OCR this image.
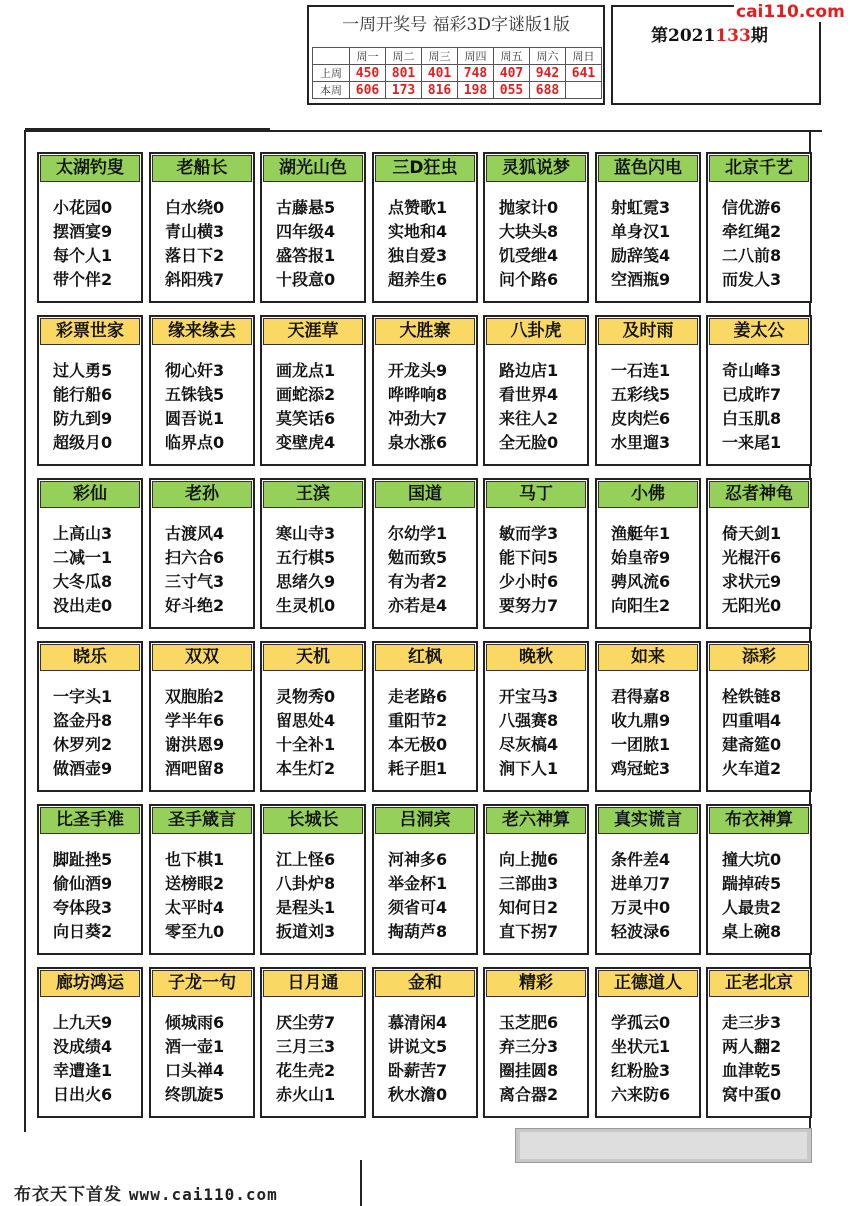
一周开奖号 福彩3D字谜版1版
	周一	周二	周三	周四	周五	周六	周日
上周	450	801	401	748	407	942	641
本周	606	173	816	198	055	688	
第2021133期
cai110.com
太湖钓叟
小花园0
摆酒宴9
每个人1
带个伴2
老船长
白水绕0
青山横3
落日下2
斜阳残7
湖光山色
古藤悬5
四年级4
盛答报1
十段意0
三D狂虫
点赞歌1
实地和4
独自爱3
超养生6
灵狐说梦
抛家计0
大块头8
饥受绁4
问个路6
蓝色闪电
射虹霓3
单身汉1
励辞笺4
空酒瓶9
北京千艺
信优游6
牵红绳2
二八前8
而发人3
彩票世家
过人勇5
能行船6
防九到9
超级月0
缘来缘去
彻心奸3
五铢钱5
圆吾说1
临界点0
天涯草
画龙点1
画蛇添2
莫笑话6
变壁虎4
大胜寨
开龙头9
哗哗响8
冲劲大7
泉水涨6
八卦虎
路边店1
看世界4
来往人2
全无脸0
及时雨
一石连1
五彩线5
皮肉烂6
水里遛3
姜太公
奇山峰3
已成昨7
白玉肌8
一来尾1
彩仙
上高山3
二减一1
大冬瓜8
没出走0
老孙
古渡风4
扫六合6
三寸气3
好斗绝2
王滨
寒山寺3
五行棋5
思绪久9
生灵机0
国道
尔幼学1
勉而致5
有为者2
亦若是4
马丁
敏而学3
能下问5
少小时6
要努力7
小佛
渔艇年1
始皇帝9
骋风流6
向阳生2
忍者神龟
倚天剑1
光棍汗6
求状元9
无阳光0
晓乐
一字头1
盗金丹8
休罗列2
做酒壶9
双双
双胞胎2
学半年6
谢洪恩9
酒吧留8
天机
灵物秀0
留思处4
十全补1
本生灯2
红枫
走老路6
重阳节2
本无极0
耗子胆1
晚秋
开宝马3
八强赛8
尽灰槁4
涧下人1
如来
君得嘉8
收九鼎9
一团脓1
鸡冠蛇3
添彩
栓铁链8
四重唱4
建斋筵0
火车道2
比圣手准
脚趾挫5
偷仙酒9
夸体段3
向日葵2
圣手箴言
也下棋1
送榜眼2
太平时4
零至九0
长城长
江上怪6
八卦炉8
是程头1
扳道刘3
吕洞宾
河神多6
举金杯1
须省可4
掏葫芦8
老六神算
向上抛6
三部曲3
知何日2
直下拐7
真实谎言
条件差4
进单刀7
万灵中0
轻波渌6
布衣神算
撞大坑0
踹掉砖5
人最贵2
桌上碗8
廊坊鸿运
上九天9
没成绩4
幸遭逢1
日出火6
子龙一句
倾城雨6
酒一壶1
口头禅4
终凯旋5
日月通
厌尘劳7
三月三3
花生壳2
赤火山1
金和
慕清闲4
讲说文5
卧薪苦7
秋水澹0
精彩
玉芝肥6
弃三分3
圈挂圆8
离合器2
正德道人
学孤云0
坐状元1
红粉脸3
六来防6
正老北京
走三步3
两人翻2
血津乾5
窝中蛋0
布衣天下首发 www.cai110.com
